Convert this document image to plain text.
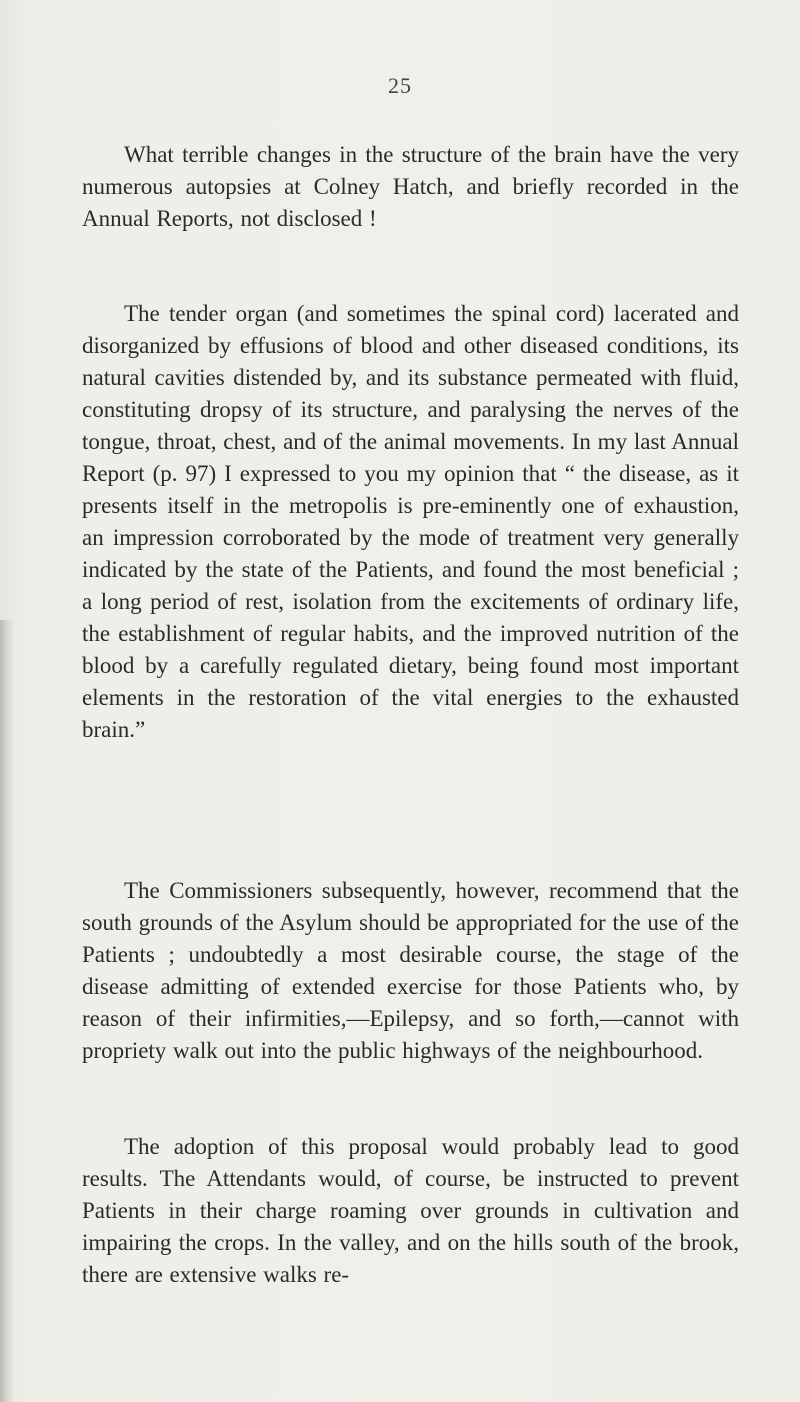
25

What terrible changes in the structure of the brain have the very numerous autopsies at Colney Hatch, and briefly recorded in the Annual Reports, not disclosed !

The tender organ (and sometimes the spinal cord) lacerated and disorganized by effusions of blood and other diseased conditions, its natural cavities distended by, and its substance permeated with fluid, constituting dropsy of its structure, and paralysing the nerves of the tongue, throat, chest, and of the animal movements. In my last Annual Report (p. 97) I expressed to you my opinion that “ the disease, as it presents itself in the metropolis is pre-eminently one of exhaustion, an impression corroborated by the mode of treatment very generally indicated by the state of the Patients, and found the most beneficial ; a long period of rest, isolation from the excitements of ordinary life, the establishment of regular habits, and the improved nutrition of the blood by a carefully regulated dietary, being found most important elements in the restoration of the vital energies to the exhausted brain.”

The Commissioners subsequently, however, recommend that the south grounds of the Asylum should be appropriated for the use of the Patients ; undoubtedly a most desirable course, the stage of the disease admitting of extended exercise for those Patients who, by reason of their infirmities,—Epilepsy, and so forth,—cannot with propriety walk out into the public highways of the neighbourhood.

The adoption of this proposal would probably lead to good results. The Attendants would, of course, be instructed to prevent Patients in their charge roaming over grounds in cultivation and impairing the crops. In the valley, and on the hills south of the brook, there are extensive walks re-
